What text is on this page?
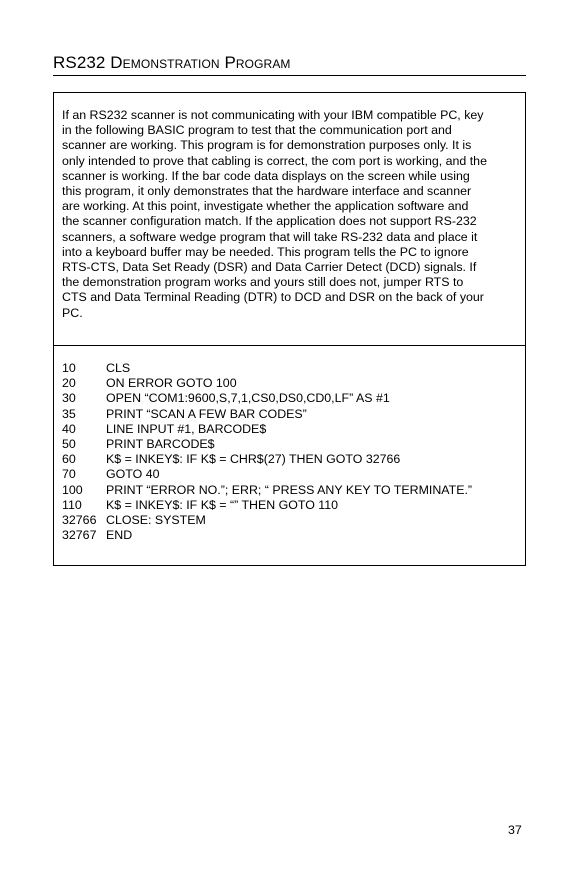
RS232 Demonstration Program
If an RS232 scanner is not communicating with your IBM compatible PC, key
in the following BASIC program to test that the communication port and
scanner are working. This program is for demonstration purposes only. It is
only intended to prove that cabling is correct, the com port is working, and the
scanner is working. If the bar code data displays on the screen while using
this program, it only demonstrates that the hardware interface and scanner
are working. At this point, investigate whether the application software and
the scanner configuration match. If the application does not support RS-232
scanners, a software wedge program that will take RS-232 data and place it
into a keyboard buffer may be needed. This program tells the PC to ignore
RTS-CTS, Data Set Ready (DSR) and Data Carrier Detect (DCD) signals. If
the demonstration program works and yours still does not, jumper RTS to
CTS and Data Terminal Reading (DTR) to DCD and DSR on the back of your
PC.
10 CLS
20 ON ERROR GOTO 100
30 OPEN “COM1:9600,S,7,1,CS0,DS0,CD0,LF” AS #1
35 PRINT “SCAN A FEW BAR CODES”
40 LINE INPUT #1, BARCODE$
50 PRINT BARCODE$
60 K$ = INKEY$: IF K$ = CHR$(27) THEN GOTO 32766
70 GOTO 40
100 PRINT “ERROR NO.”; ERR; “ PRESS ANY KEY TO TERMINATE.”
110 K$ = INKEY$: IF K$ = “” THEN GOTO 110
32766 CLOSE: SYSTEM
32767 END
37
